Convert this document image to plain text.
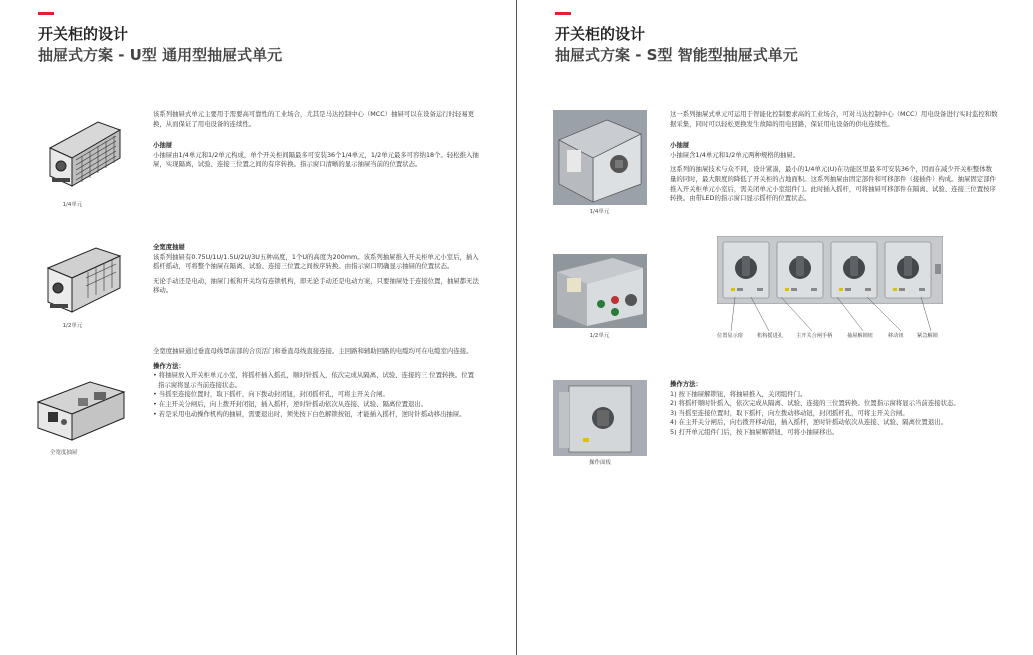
开关柜的设计
抽屉式方案 - U型 通用型抽屉式单元
1/4单元
1/2单元
全宽度抽屉

该系列抽屉式单元主要用于需要高可靠性的工业场合，尤其是马达控制中心（MCC）抽屉可以在设备运行时轻易更换，从而保证了用电设备的连续性。

小抽屉

小抽屉由1/4单元和1/2单元构成，单个开关柜间隔最多可安装36个1/4单元，1/2单元最多可容纳18个。轻松推入抽屉，实现隔离，试验、连接三位置之间的有序转换。指示窗口清晰的显示抽屉当前的位置状态。

全宽度抽屉

该系列抽屉有0.75U/1U/1.5U/2U/3U五种高度，1个U的高度为200mm。该系列抽屉推入开关柜单元小室后，插入摇杆摇动，可将整个抽屉在隔离、试验、连接三位置之间按序转换。由指示窗口明确显示抽屉的位置状态。

无论手动还是电动，抽屉门板和开关均有连锁机构，即无论手动还是电动方案，只要抽屉处于连接位置，抽屉都无法移动。

全宽度抽屉通过垂直母线罩前部的合页活门和垂直母线直接连接。主回路和辅助回路的电缆均可在电缆室内连接。

操作方法：

• 将抽屉放入开关柜单元小室，将摇杆插入摇孔，顺时针摇入，依次完成从隔离、试验、连接的三 位置转换。位置指示窗将显示当前连接状态。
• 当摇至连接位置时，取下摇杆，向下拨动封闭钮，封闭摇杆孔，可将主开关合闸。
• 在主开关分闸后，向上拨开封闭钮，插入摇杆，逆时针摇动依次从连接、试验、隔离位置退出。
• 若是采用电动操作机构的抽屉，需要退出时，须先按下白色解锁按钮，才能插入摇杆，逆时针摇动移出抽屉。
开关柜的设计
抽屉式方案 - S型 智能型抽屉式单元
1/4单元
1/2单元
操作面板

这一系列抽屉式单元可运用于智能化控制要求高的工业场合，可对马达控制中心（MCC）用电设备进行实时监控和数据采集，同时可以轻松更换发生故障的用电回路，保证用电设备的供电连续性。

小抽屉

小抽屉含1/4单元和1/2单元两种规格的抽屉。

这系列的抽屉技术与众不同，设计紧凑，最小的1/4单元(U)在功能区里最多可安装36个，因而在减少开关柜整体数量的同时，最大限度的降低了开关柜的占地面积。这系列抽屉由固定部件和可移部件（接插件）构成。抽屉固定部件推入开关柜单元小室后，需关闭单元小室组件门。此时插入摇杆，可将抽屉可移部件在隔离、试验、连接三位置按序转换。由带LED的指示窗口显示摇杆的位置状态。

位置显示窗	机构摇进孔	主开关合闸手柄	抽屉解锁钮	移动钮	紧急解锁

操作方法：

1) 按下抽屉解锁钮，将抽屉推入，关闭组件门。
2) 将摇杆顺时针摇入，依次完成从隔离、试验、连接的三位置转换。位置指示窗将显示当前连接状态。
3) 当摇至连接位置时，取下摇杆，向左拨动移动钮，封闭摇杆孔，可将主开关合闸。
4) 在主开关分闸后，向右拨开移动钮，插入摇杆，逆时针摇动依次从连接、试验、隔离位置退出。
5) 打开单元组件门后，按下抽屉解锁钮，可将小抽屉移出。
